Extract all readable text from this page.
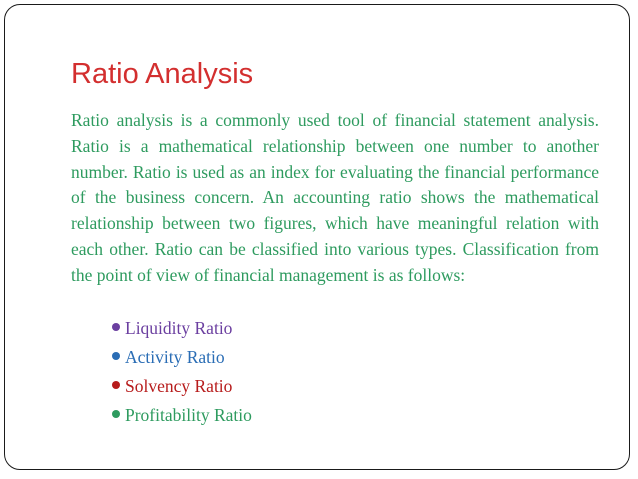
Ratio Analysis

Ratio analysis is a commonly used tool of financial statement analysis. Ratio is a mathematical relationship between one number to another number. Ratio is used as an index for evaluating the financial performance of the business concern. An accounting ratio shows the mathematical relationship between two figures, which have meaningful relation with each other. Ratio can be classified into various types. Classification from the point of view of financial management is as follows:

Liquidity Ratio
Activity Ratio
Solvency Ratio
Profitability Ratio
